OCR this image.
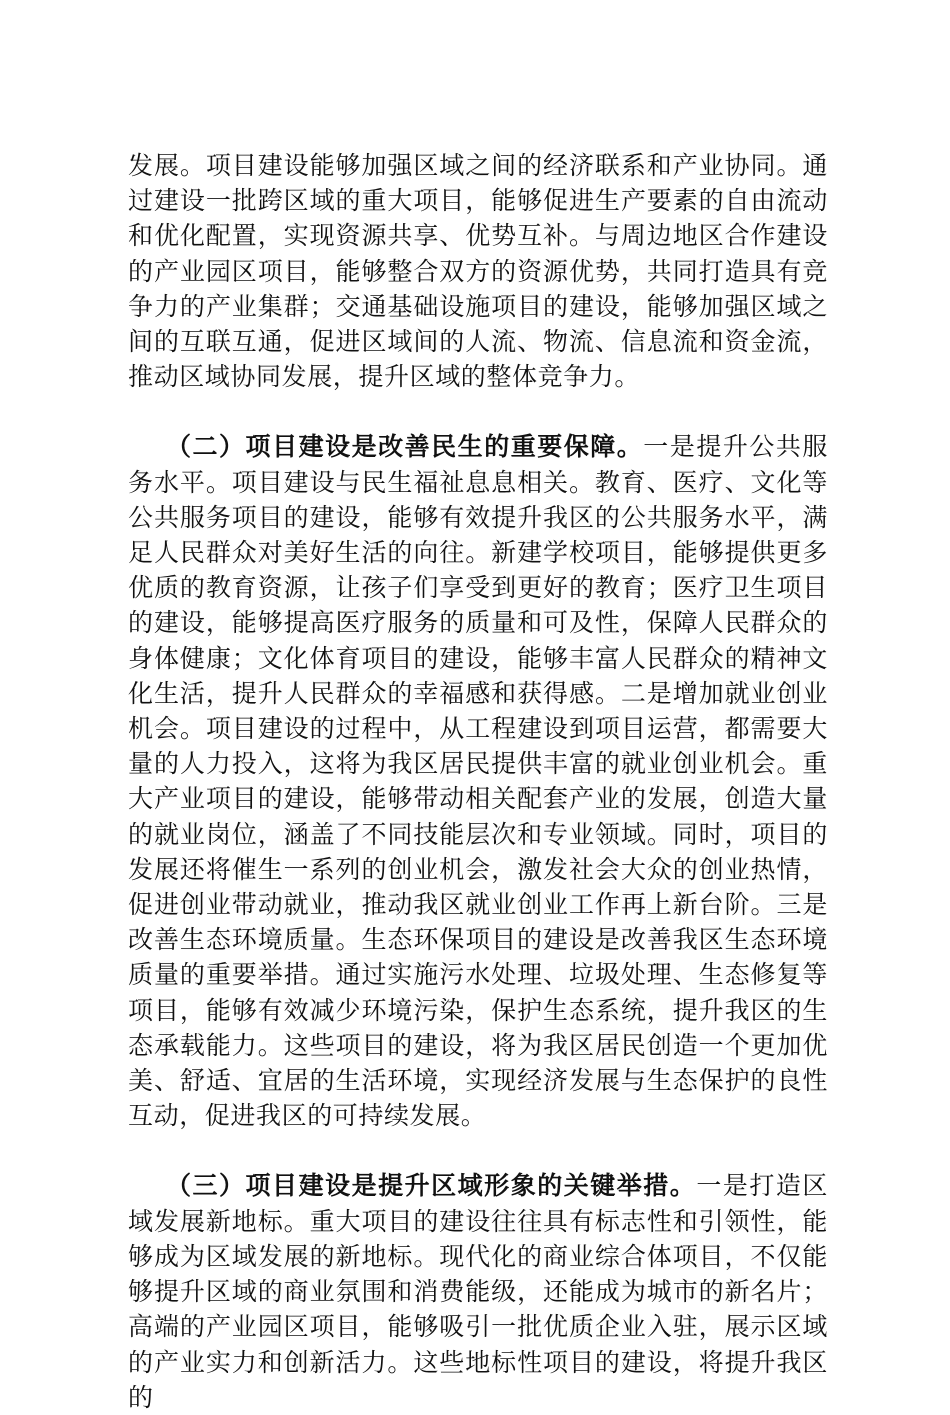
发展。项目建设能够加强区域之间的经济联系和产业协同。通过建设一批跨区域的重大项目，能够促进生产要素的自由流动和优化配置，实现资源共享、优势互补。与周边地区合作建设的产业园区项目，能够整合双方的资源优势，共同打造具有竞争力的产业集群；交通基础设施项目的建设，能够加强区域之间的互联互通，促进区域间的人流、物流、信息流和资金流，推动区域协同发展，提升区域的整体竞争力。

（二）项目建设是改善民生的重要保障。一是提升公共服务水平。项目建设与民生福祉息息相关。教育、医疗、文化等公共服务项目的建设，能够有效提升我区的公共服务水平，满足人民群众对美好生活的向往。新建学校项目，能够提供更多优质的教育资源，让孩子们享受到更好的教育；医疗卫生项目的建设，能够提高医疗服务的质量和可及性，保障人民群众的身体健康；文化体育项目的建设，能够丰富人民群众的精神文化生活，提升人民群众的幸福感和获得感。二是增加就业创业机会。项目建设的过程中，从工程建设到项目运营，都需要大量的人力投入，这将为我区居民提供丰富的就业创业机会。重大产业项目的建设，能够带动相关配套产业的发展，创造大量的就业岗位，涵盖了不同技能层次和专业领域。同时，项目的发展还将催生一系列的创业机会，激发社会大众的创业热情，促进创业带动就业，推动我区就业创业工作再上新台阶。三是改善生态环境质量。生态环保项目的建设是改善我区生态环境质量的重要举措。通过实施污水处理、垃圾处理、生态修复等项目，能够有效减少环境污染，保护生态系统，提升我区的生态承载能力。这些项目的建设，将为我区居民创造一个更加优美、舒适、宜居的生活环境，实现经济发展与生态保护的良性互动，促进我区的可持续发展。

（三）项目建设是提升区域形象的关键举措。一是打造区域发展新地标。重大项目的建设往往具有标志性和引领性，能够成为区域发展的新地标。现代化的商业综合体项目，不仅能够提升区域的商业氛围和消费能级，还能成为城市的新名片；高端的产业园区项目，能够吸引一批优质企业入驻，展示区域的产业实力和创新活力。这些地标性项目的建设，将提升我区的
